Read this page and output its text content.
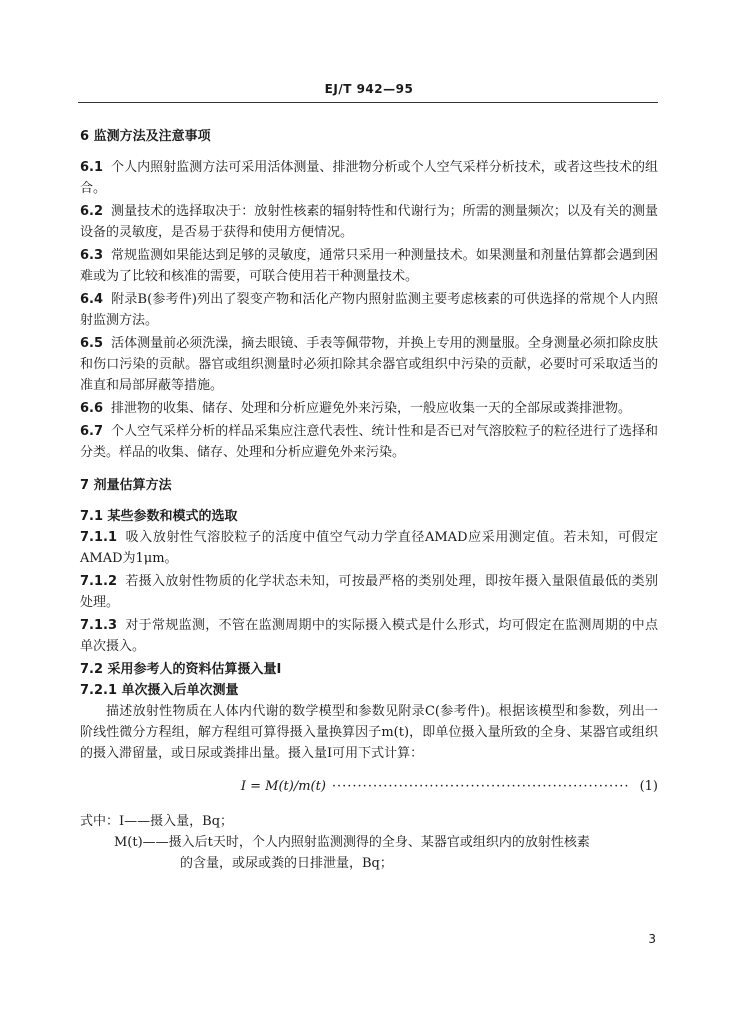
EJ/T 942—95
6 监测方法及注意事项

6.1 个人内照射监测方法可采用活体测量、排泄物分析或个人空气采样分析技术，或者这些技术的组合。

6.2 测量技术的选择取决于：放射性核素的辐射特性和代谢行为；所需的测量频次；以及有关的测量设备的灵敏度，是否易于获得和使用方便情况。

6.3 常规监测如果能达到足够的灵敏度，通常只采用一种测量技术。如果测量和剂量估算都会遇到困难或为了比较和核准的需要，可联合使用若干种测量技术。

6.4 附录B(参考件)列出了裂变产物和活化产物内照射监测主要考虑核素的可供选择的常规个人内照射监测方法。

6.5 活体测量前必须洗澡，摘去眼镜、手表等佩带物，并换上专用的测量服。全身测量必须扣除皮肤和伤口污染的贡献。器官或组织测量时必须扣除其余器官或组织中污染的贡献，必要时可采取适当的准直和局部屏蔽等措施。

6.6 排泄物的收集、储存、处理和分析应避免外来污染，一般应收集一天的全部尿或粪排泄物。

6.7 个人空气采样分析的样品采集应注意代表性、统计性和是否已对气溶胶粒子的粒径进行了选择和分类。样品的收集、储存、处理和分析应避免外来污染。

7 剂量估算方法

7.1 某些参数和模式的选取

7.1.1 吸入放射性气溶胶粒子的活度中值空气动力学直径AMAD应采用测定值。若未知，可假定AMAD为1μm。

7.1.2 若摄入放射性物质的化学状态未知，可按最严格的类别处理，即按年摄入量限值最低的类别处理。

7.1.3 对于常规监测，不管在监测周期中的实际摄入模式是什么形式，均可假定在监测周期的中点单次摄入。

7.2 采用参考人的资料估算摄入量I

7.2.1 单次摄入后单次测量

描述放射性物质在人体内代谢的数学模型和参数见附录C(参考件)。根据该模型和参数，列出一阶线性微分方程组，解方程组可算得摄入量换算因子m(t)，即单位摄入量所致的全身、某器官或组织的摄入滞留量，或日尿或粪排出量。摄入量I可用下式计算：

I = M(t)/m(t) ·························································· (1)

式中：I——摄入量，Bq；

M(t)——摄入后t天时，个人内照射监测测得的全身、某器官或组织内的放射性核素

的含量，或尿或粪的日排泄量，Bq；

3
